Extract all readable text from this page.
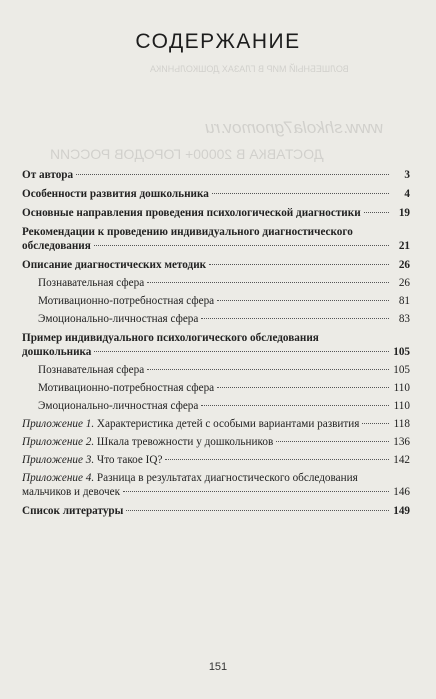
ВОЛШЕБНЫЙ МИР В ГЛАЗАХ ДОШКОЛЬНИКА
www.shkola7gnomov.ru
ДОСТАВКА В 20000+ ГОРОДОВ РОССИИ
СОДЕРЖАНИЕ
От автора	3
Особенности развития дошкольника	4
Основные направления проведения психологической диагностики	19
Рекомендации к проведению индивидуального диагностического
обследования	21
Описание диагностических методик	26
Познавательная сфера	26
Мотивационно-потребностная сфера	81
Эмоционально-личностная сфера	83
Пример индивидуального психологического обследования
дошкольника	105
Познавательная сфера	105
Мотивационно-потребностная сфера	110
Эмоционально-личностная сфера	110
Приложение 1. Характеристика детей с особыми вариантами развития	118
Приложение 2. Шкала тревожности у дошкольников	136
Приложение 3. Что такое IQ?	142
Приложение 4. Разница в результатах диагностического обследования
мальчиков и девочек	146
Список литературы	149
151
